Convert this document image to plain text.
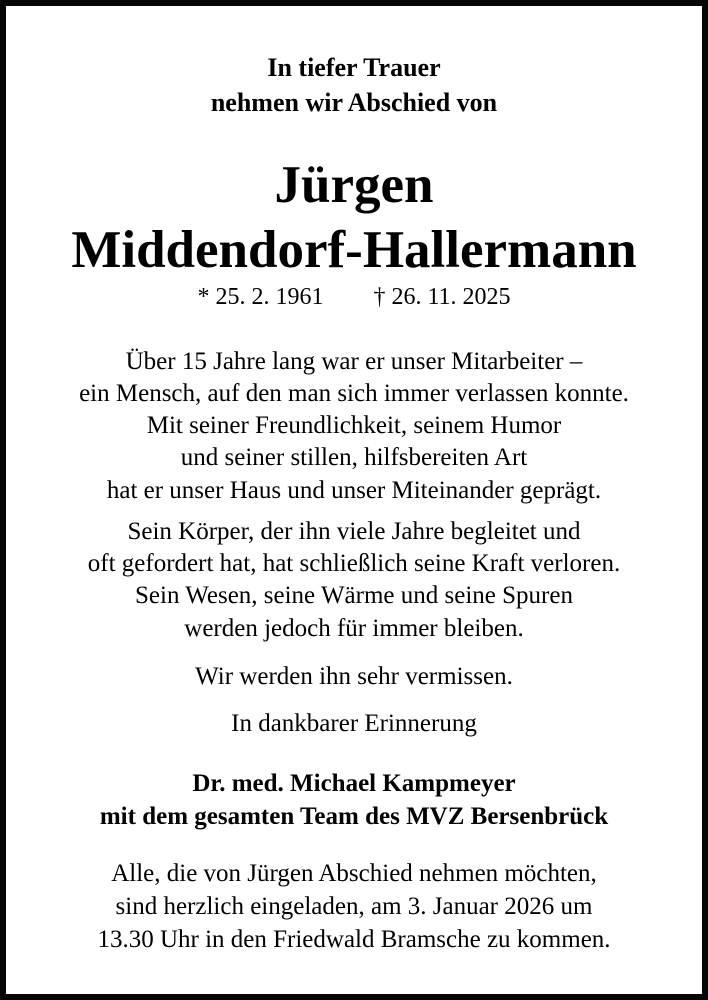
In tiefer Trauer
nehmen wir Abschied von
Jürgen
Middendorf-Hallermann
* 25. 2. 1961 † 26. 11. 2025
Über 15 Jahre lang war er unser Mitarbeiter –
ein Mensch, auf den man sich immer verlassen konnte.
Mit seiner Freundlichkeit, seinem Humor
und seiner stillen, hilfsbereiten Art
hat er unser Haus und unser Miteinander geprägt.
Sein Körper, der ihn viele Jahre begleitet und
oft gefordert hat, hat schließlich seine Kraft verloren.
Sein Wesen, seine Wärme und seine Spuren
werden jedoch für immer bleiben.
Wir werden ihn sehr vermissen.
In dankbarer Erinnerung
Dr. med. Michael Kampmeyer
mit dem gesamten Team des MVZ Bersenbrück
Alle, die von Jürgen Abschied nehmen möchten,
sind herzlich eingeladen, am 3. Januar 2026 um
13.30 Uhr in den Friedwald Bramsche zu kommen.
